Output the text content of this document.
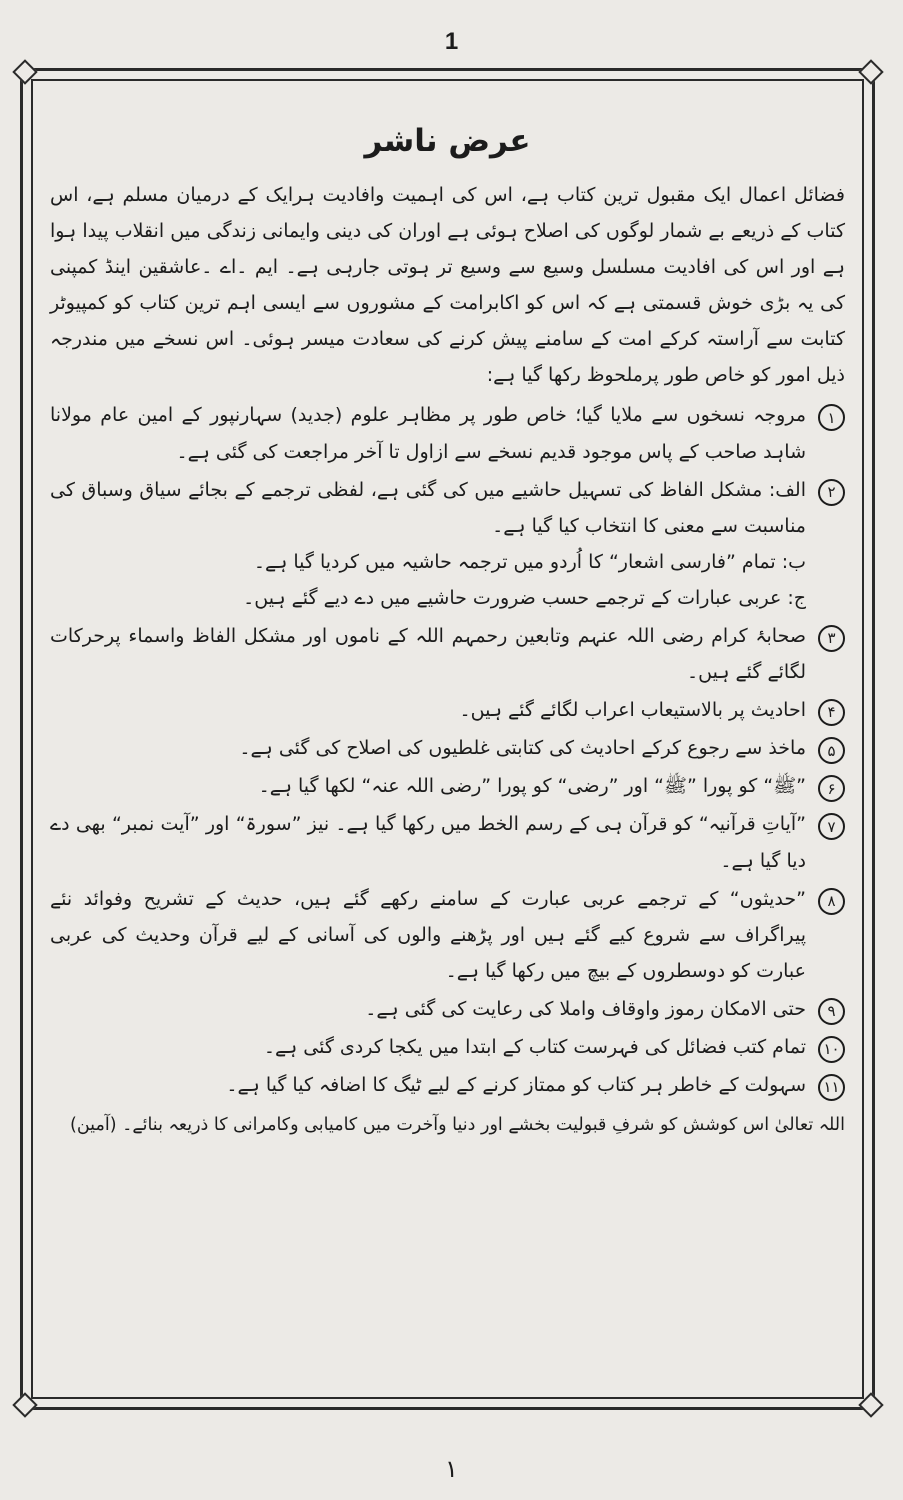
1
عرض ناشر

فضائل اعمال ایک مقبول ترین کتاب ہے، اس کی اہمیت وافادیت ہرایک کے درمیان مسلم ہے، اس کتاب کے ذریعے بے شمار لوگوں کی اصلاح ہوئی ہے اوران کی دینی وایمانی زندگی میں انقلاب پیدا ہوا ہے اور اس کی افادیت مسلسل وسیع سے وسیع تر ہوتی جارہی ہے۔ ایم ۔اے ۔عاشقین اینڈ کمپنی کی یہ بڑی خوش قسمتی ہے کہ اس کو اکابرامت کے مشوروں سے ایسی اہم ترین کتاب کو کمپیوٹر کتابت سے آراستہ کرکے امت کے سامنے پیش کرنے کی سعادت میسر ہوئی۔ اس نسخے میں مندرجہ ذیل امور کو خاص طور پرملحوظ رکھا گیا ہے:

۱

مروجہ نسخوں سے ملایا گیا؛ خاص طور پر مظاہر علوم (جدید) سہارنپور کے امین عام مولانا شاہد صاحب کے پاس موجود قدیم نسخے سے ازاول تا آخر مراجعت کی گئی ہے۔

۲

الف: مشکل الفاظ کی تسہیل حاشیے میں کی گئی ہے، لفظی ترجمے کے بجائے سیاق وسباق کی مناسبت سے معنی کا انتخاب کیا گیا ہے۔

ب: تمام ”فارسی اشعار“ کا اُردو میں ترجمہ حاشیہ میں کردیا گیا ہے۔

ج: عربی عبارات کے ترجمے حسب ضرورت حاشیے میں دے دیے گئے ہیں۔

۳

صحابۂ کرام رضی اللہ عنہم وتابعین رحمہم اللہ کے ناموں اور مشکل الفاظ واسماء پرحرکات لگائے گئے ہیں۔

۴

احادیث پر بالاستیعاب اعراب لگائے گئے ہیں۔

۵

ماخذ سے رجوع کرکے احادیث کی کتابتی غلطیوں کی اصلاح کی گئی ہے۔

۶

”ﷺ“ کو پورا ”ﷺ“ اور ”رضی“ کو پورا ”رضی اللہ عنہ“ لکھا گیا ہے۔

۷

”آیاتِ قرآنیہ“ کو قرآن ہی کے رسم الخط میں رکھا گیا ہے۔ نیز ”سورۃ“ اور ”آیت نمبر“ بھی دے دیا گیا ہے۔

۸

”حدیثوں“ کے ترجمے عربی عبارت کے سامنے رکھے گئے ہیں، حدیث کے تشریح وفوائد نئے پیراگراف سے شروع کیے گئے ہیں اور پڑھنے والوں کی آسانی کے لیے قرآن وحدیث کی عربی عبارت کو دوسطروں کے بیچ میں رکھا گیا ہے۔

۹

حتی الامکان رموز واوقاف واملا کی رعایت کی گئی ہے۔

۱۰

تمام کتب فضائل کی فہرست کتاب کے ابتدا میں یکجا کردی گئی ہے۔

۱۱

سہولت کے خاطر ہر کتاب کو ممتاز کرنے کے لیے ٹیگ کا اضافہ کیا گیا ہے۔

اللہ تعالیٰ اس کوشش کو شرفِ قبولیت بخشے اور دنیا وآخرت میں کامیابی وکامرانی کا ذریعہ بنائے۔ (آمین)

۱
